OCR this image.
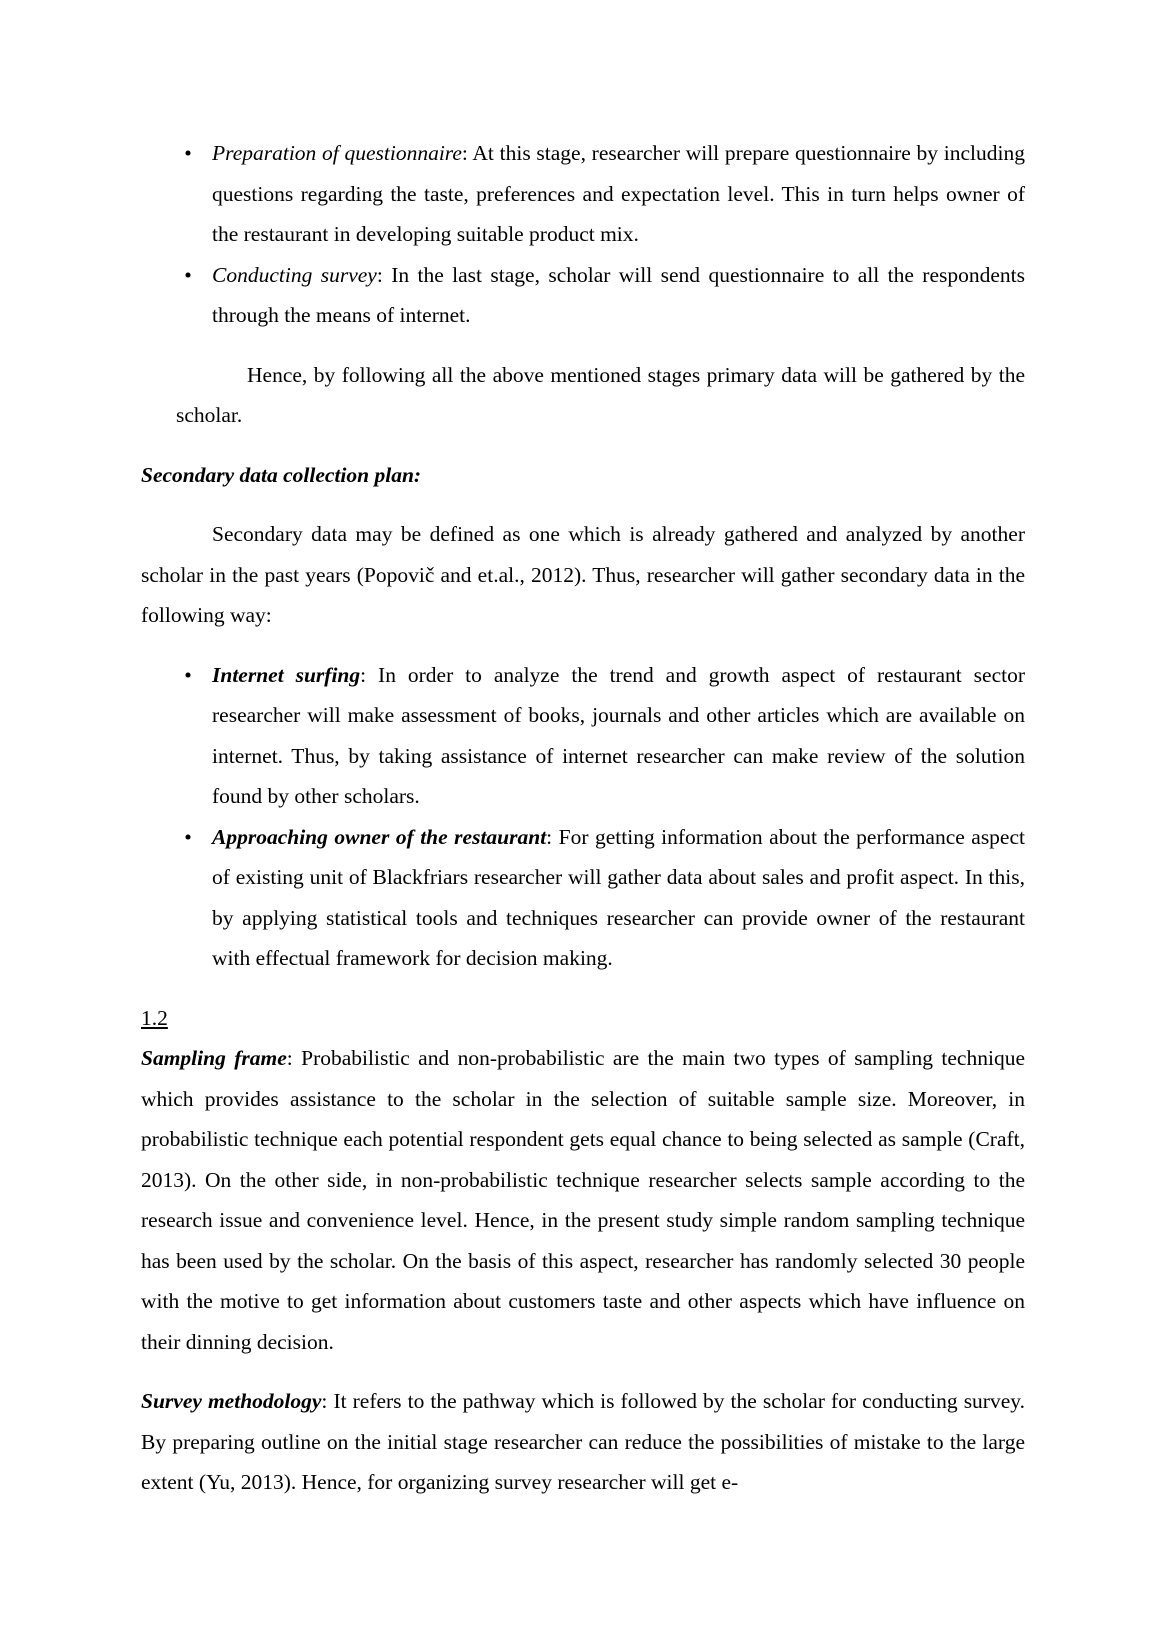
• Preparation of questionnaire: At this stage, researcher will prepare questionnaire by including questions regarding the taste, preferences and expectation level. This in turn helps owner of the restaurant in developing suitable product mix.
• Conducting survey: In the last stage, scholar will send questionnaire to all the respondents through the means of internet.

Hence, by following all the above mentioned stages primary data will be gathered by the scholar.

Secondary data collection plan:

Secondary data may be defined as one which is already gathered and analyzed by another scholar in the past years (Popovič and et.al., 2012). Thus, researcher will gather secondary data in the following way:

• Internet surfing: In order to analyze the trend and growth aspect of restaurant sector researcher will make assessment of books, journals and other articles which are available on internet. Thus, by taking assistance of internet researcher can make review of the solution found by other scholars.
• Approaching owner of the restaurant: For getting information about the performance aspect of existing unit of Blackfriars researcher will gather data about sales and profit aspect. In this, by applying statistical tools and techniques researcher can provide owner of the restaurant with effectual framework for decision making.

1.2

Sampling frame: Probabilistic and non-probabilistic are the main two types of sampling technique which provides assistance to the scholar in the selection of suitable sample size. Moreover, in probabilistic technique each potential respondent gets equal chance to being selected as sample (Craft, 2013). On the other side, in non-probabilistic technique researcher selects sample according to the research issue and convenience level. Hence, in the present study simple random sampling technique has been used by the scholar. On the basis of this aspect, researcher has randomly selected 30 people with the motive to get information about customers taste and other aspects which have influence on their dinning decision.

Survey methodology: It refers to the pathway which is followed by the scholar for conducting survey. By preparing outline on the initial stage researcher can reduce the possibilities of mistake to the large extent (Yu, 2013). Hence, for organizing survey researcher will get e-
